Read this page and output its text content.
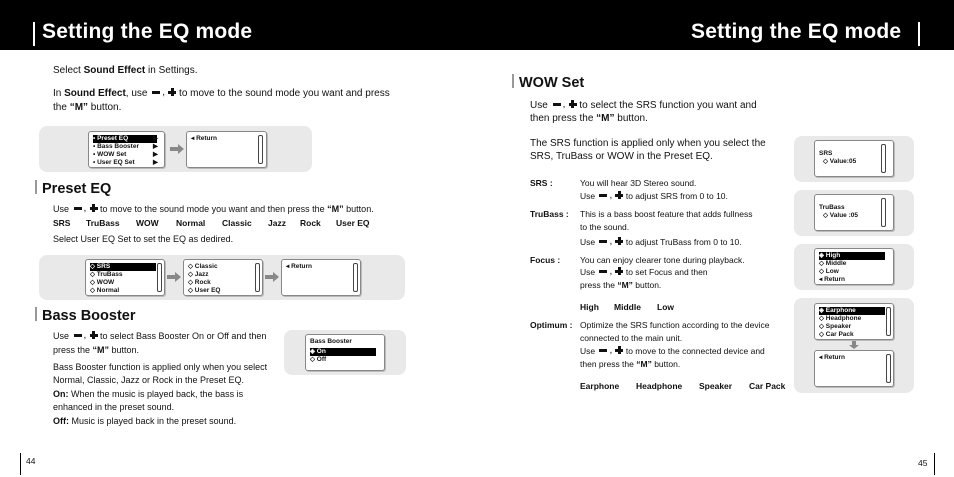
Setting the EQ mode	Setting the EQ mode
Select Sound Effect in Settings.
In Sound Effect, use , to move to the sound mode you want and press
the “M” button.
• Preset EQ
• Bass Booster
• WOW Set
• User EQ Set
▶
▶
▶
▶
◂ Return
Preset EQ
Use , to move to the sound mode you want and then press the “M” button.
SRS TruBass WOW Normal Classic Jazz Rock User EQ
Select User EQ Set to set the EQ as dedired.
◇ SRS
◇ TruBass
◇ WOW
◇ Normal
◇ Classic
◇ Jazz
◇ Rock
◇ User EQ
◂ Return
Bass Booster
Use , to select Bass Booster On or Off and then
press the “M” button.
Bass Booster function is applied only when you select
Normal, Classic, Jazz or Rock in the Preset EQ.
On: When the music is played back, the bass is
enhanced in the preset sound.
Off: Music is played back in the preset sound.
Bass Booster
◈ On
◇ Off
44
WOW Set
Use , to select the SRS function you want and
then press the “M” button.
The SRS function is applied only when you select the
SRS, TruBass or WOW in the Preset EQ.
SRS :	You will hear 3D Stereo sound.
Use , to adjust SRS from 0 to 10.
TruBass : This is a bass boost feature that adds fullness
to the sound.
Use , to adjust TruBass from 0 to 10.
Focus : You can enjoy clearer tone during playback.
Use , to set Focus and then
press the “M” button.
High Middle Low
Optimum : Optimize the SRS function according to the device
connected to the main unit.
Use , to move to the connected device and
then press the “M” button.
Earphone Headphone Speaker Car Pack
SRS
◇ Value:05
TruBass
◇ Value :05
◈ High
◇ Middle
◇ Low
◂ Return
◈ Earphone
◇ Headphone
◇ Speaker
◇ Car Pack
◂ Return
45
